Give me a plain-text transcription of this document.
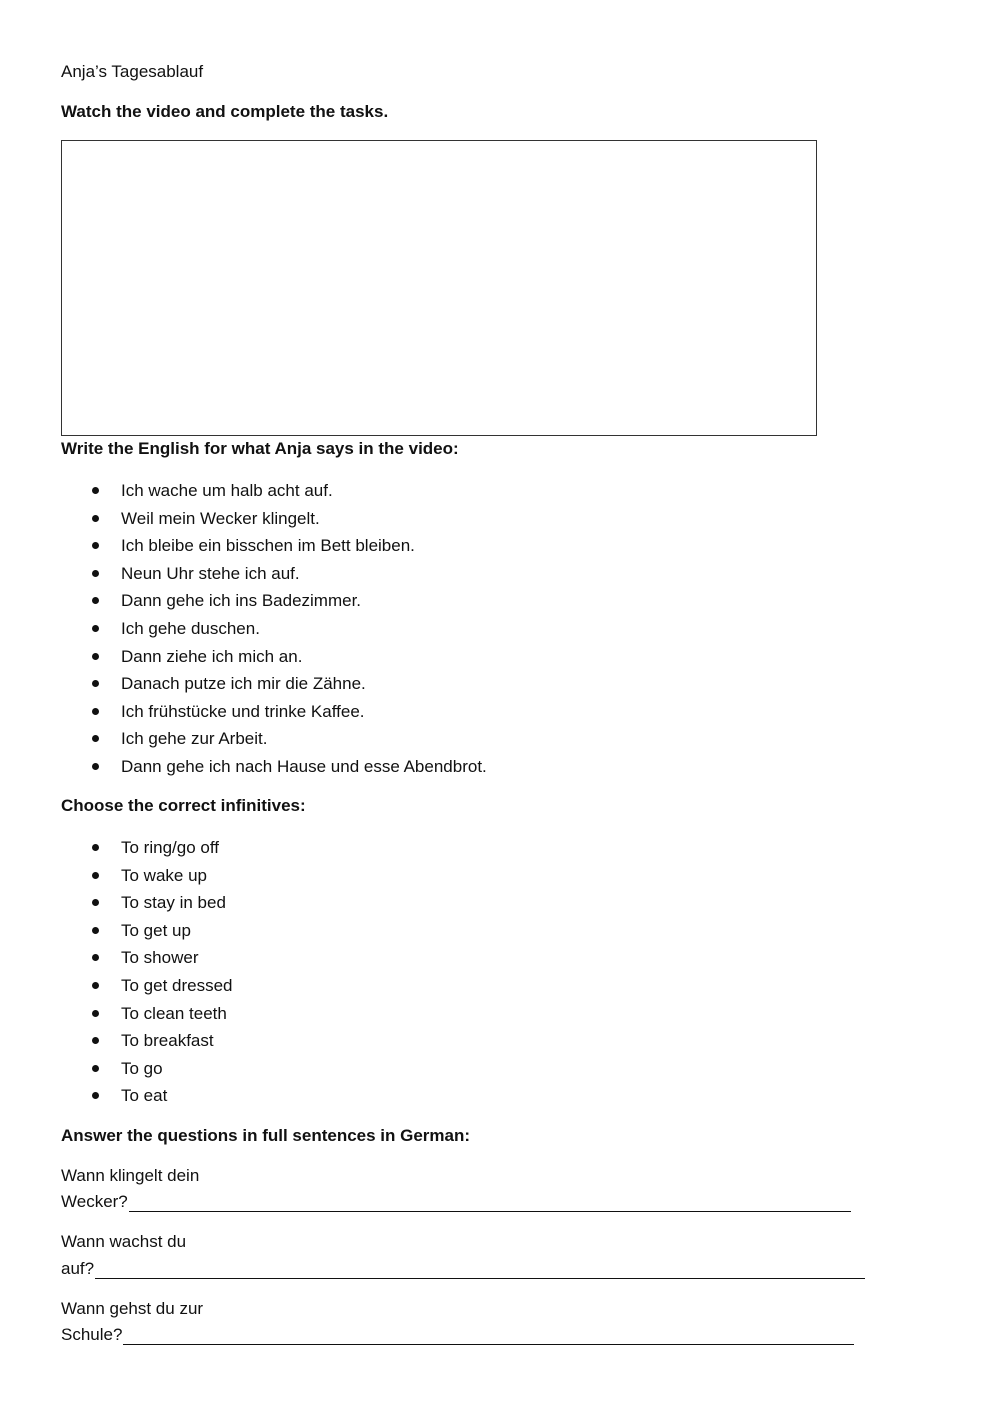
Anja’s Tagesablauf
Watch the video and complete the tasks.
Write the English for what Anja says in the video:
Ich wache um halb acht auf.
Weil mein Wecker klingelt.
Ich bleibe ein bisschen im Bett bleiben.
Neun Uhr stehe ich auf.
Dann gehe ich ins Badezimmer.
Ich gehe duschen.
Dann ziehe ich mich an.
Danach putze ich mir die Zähne.
Ich frühstücke und trinke Kaffee.
Ich gehe zur Arbeit.
Dann gehe ich nach Hause und esse Abendbrot.
Choose the correct infinitives:
To ring/go off
To wake up
To stay in bed
To get up
To shower
To get dressed
To clean teeth
To breakfast
To go
To eat
Answer the questions in full sentences in German:
Wann klingelt dein
Wecker?
Wann wachst du
auf?
Wann gehst du zur
Schule?
